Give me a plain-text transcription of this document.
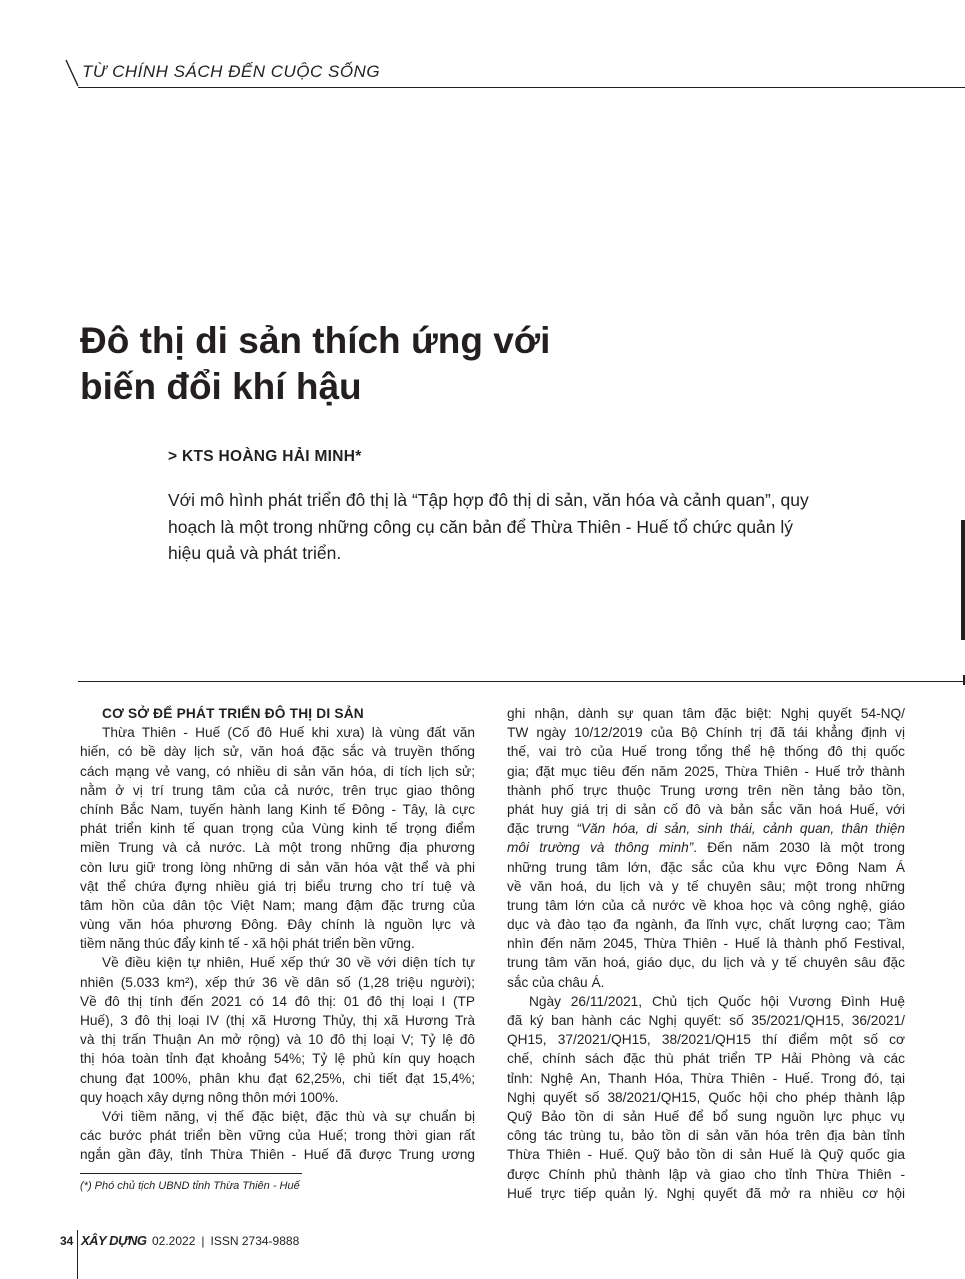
TỪ CHÍNH SÁCH ĐẾN CUỘC SỐNG
Đô thị di sản thích ứng với
biến đổi khí hậu
> KTS HOÀNG HẢI MINH*
Với mô hình phát triển đô thị là “Tập hợp đô thị di sản, văn hóa và cảnh quan”, quy
hoạch là một trong những công cụ căn bản để Thừa Thiên - Huế tổ chức quản lý
hiệu quả và phát triển.
CƠ SỞ ĐỂ PHÁT TRIỂN ĐÔ THỊ DI SẢN
Thừa Thiên - Huế (Cố đô Huế khi xưa) là vùng đất văn
hiến, có bề dày lịch sử, văn hoá đặc sắc và truyền thống
cách mạng vẻ vang, có nhiều di sản văn hóa, di tích lịch sử;
nằm ở vị trí trung tâm của cả nước, trên trục giao thông
chính Bắc Nam, tuyến hành lang Kinh tế Đông - Tây, là cực
phát triển kinh tế quan trọng của Vùng kinh tế trọng điểm
miền Trung và cả nước. Là một trong những địa phương
còn lưu giữ trong lòng những di sản văn hóa vật thể và phi
vật thể chứa đựng nhiều giá trị biểu trưng cho trí tuệ và
tâm hồn của dân tộc Việt Nam; mang đậm đặc trưng của
vùng văn hóa phương Đông. Đây chính là nguồn lực và
tiềm năng thúc đẩy kinh tế - xã hội phát triển bền vững.
Về điều kiện tự nhiên, Huế xếp thứ 30 về với diện tích tự
nhiên (5.033 km²), xếp thứ 36 về dân số (1,28 triệu người);
Về đô thị tính đến 2021 có 14 đô thị: 01 đô thị loại I (TP
Huế), 3 đô thị loại IV (thị xã Hương Thủy, thị xã Hương Trà
và thị trấn Thuận An mở rộng) và 10 đô thị loại V; Tỷ lệ đô
thị hóa toàn tỉnh đạt khoảng 54%; Tỷ lệ phủ kín quy hoạch
chung đạt 100%, phân khu đạt 62,25%, chi tiết đạt 15,4%;
quy hoạch xây dựng nông thôn mới 100%.
Với tiềm năng, vị thế đặc biệt, đặc thù và sự chuẩn bị
các bước phát triển bền vững của Huế; trong thời gian rất
ngắn gần đây, tỉnh Thừa Thiên - Huế đã được Trung ương
ghi nhận, dành sự quan tâm đặc biệt: Nghị quyết 54-NQ/
TW ngày 10/12/2019 của Bộ Chính trị đã tái khẳng định vị
thế, vai trò của Huế trong tổng thể hệ thống đô thị quốc
gia; đặt mục tiêu đến năm 2025, Thừa Thiên - Huế trở thành
thành phố trực thuộc Trung ương trên nền tảng bảo tồn,
phát huy giá trị di sản cố đô và bản sắc văn hoá Huế, với
đặc trưng “Văn hóa, di sản, sinh thái, cảnh quan, thân thiện
môi trường và thông minh”. Đến năm 2030 là một trong
những trung tâm lớn, đặc sắc của khu vực Đông Nam Á
về văn hoá, du lịch và y tế chuyên sâu; một trong những
trung tâm lớn của cả nước về khoa học và công nghệ, giáo
dục và đào tạo đa ngành, đa lĩnh vực, chất lượng cao; Tầm
nhìn đến năm 2045, Thừa Thiên - Huế là thành phố Festival,
trung tâm văn hoá, giáo dục, du lịch và y tế chuyên sâu đặc
sắc của châu Á.
Ngày 26/11/2021, Chủ tịch Quốc hội Vương Đình Huệ
đã ký ban hành các Nghị quyết: số 35/2021/QH15, 36/2021/
QH15, 37/2021/QH15, 38/2021/QH15 thí điểm một số cơ
chế, chính sách đặc thù phát triển TP Hải Phòng và các
tỉnh: Nghệ An, Thanh Hóa, Thừa Thiên - Huế. Trong đó, tại
Nghị quyết số 38/2021/QH15, Quốc hội cho phép thành lập
Quỹ Bảo tồn di sản Huế để bổ sung nguồn lực phục vụ
công tác trùng tu, bảo tồn di sản văn hóa trên địa bàn tỉnh
Thừa Thiên - Huế. Quỹ bảo tồn di sản Huế là Quỹ quốc gia
được Chính phủ thành lập và giao cho tỉnh Thừa Thiên -
Huế trực tiếp quản lý. Nghị quyết đã mở ra nhiều cơ hội
(*) Phó chủ tịch UBND tỉnh Thừa Thiên - Huế
34 XÂY DỰNG 02.2022 | ISSN 2734-9888
